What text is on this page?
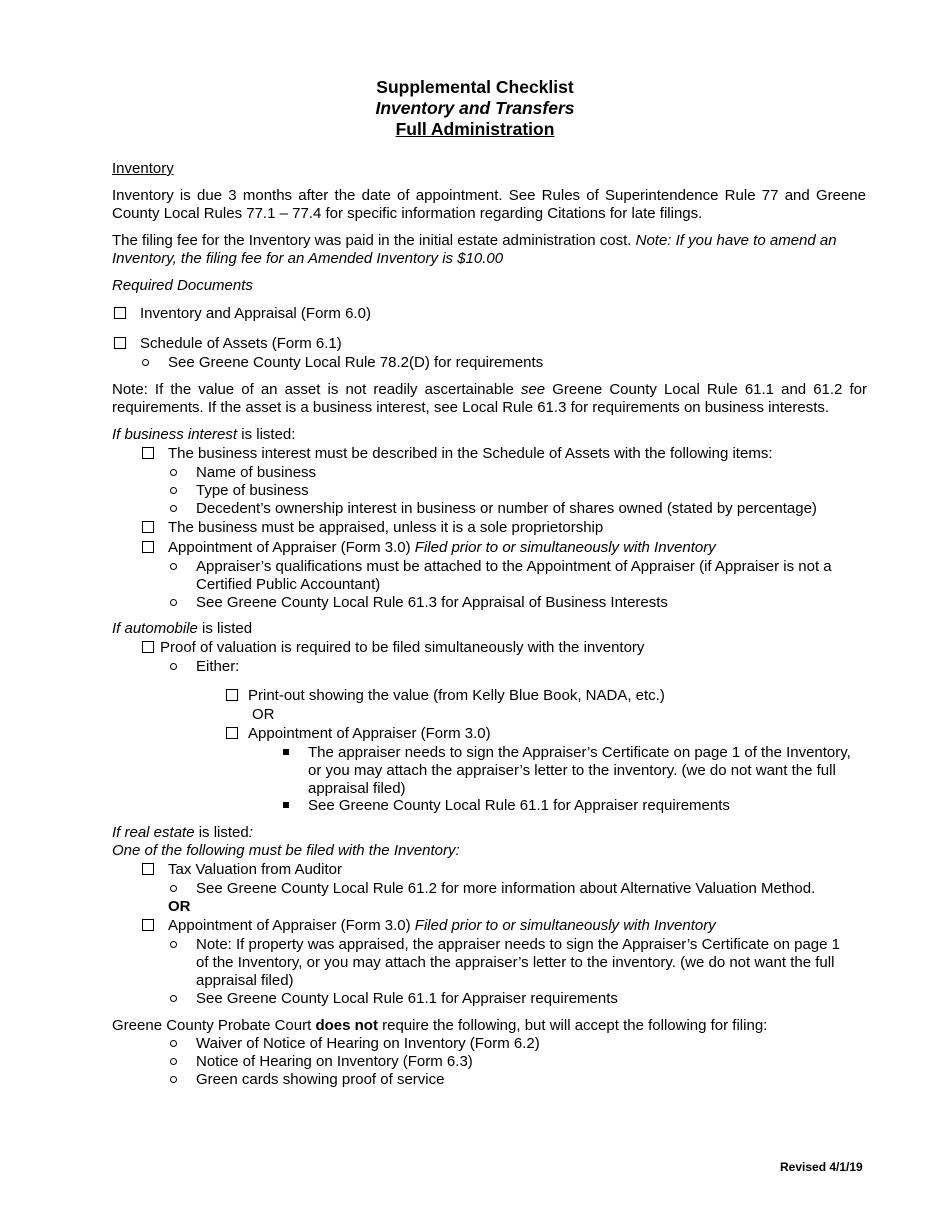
Supplemental Checklist
Inventory and Transfers
Full Administration
Inventory
Inventory is due 3 months after the date of appointment. See Rules of Superintendence Rule 77 and Greene County Local Rules 77.1 – 77.4 for specific information regarding Citations for late filings.
The filing fee for the Inventory was paid in the initial estate administration cost. Note: If you have to amend an
Inventory, the filing fee for an Amended Inventory is $10.00
Required Documents
Inventory and Appraisal (Form 6.0)
Schedule of Assets (Form 6.1)
See Greene County Local Rule 78.2(D) for requirements
Note: If the value of an asset is not readily ascertainable see Greene County Local Rule 61.1 and 61.2 for requirements. If the asset is a business interest, see Local Rule 61.3 for requirements on business interests.
If business interest is listed:
The business interest must be described in the Schedule of Assets with the following items:
Name of business
Type of business
Decedent’s ownership interest in business or number of shares owned (stated by percentage)
The business must be appraised, unless it is a sole proprietorship
Appointment of Appraiser (Form 3.0) Filed prior to or simultaneously with Inventory
Appraiser’s qualifications must be attached to the Appointment of Appraiser (if Appraiser is not a
Certified Public Accountant)
See Greene County Local Rule 61.3 for Appraisal of Business Interests
If automobile is listed
Proof of valuation is required to be filed simultaneously with the inventory
Either:
Print-out showing the value (from Kelly Blue Book, NADA, etc.)
OR
Appointment of Appraiser (Form 3.0)
The appraiser needs to sign the Appraiser’s Certificate on page 1 of the Inventory,
or you may attach the appraiser’s letter to the inventory. (we do not want the full
appraisal filed)
See Greene County Local Rule 61.1 for Appraiser requirements
If real estate is listed:
One of the following must be filed with the Inventory:
Tax Valuation from Auditor
See Greene County Local Rule 61.2 for more information about Alternative Valuation Method.
OR
Appointment of Appraiser (Form 3.0) Filed prior to or simultaneously with Inventory
Note: If property was appraised, the appraiser needs to sign the Appraiser’s Certificate on page 1
of the Inventory, or you may attach the appraiser’s letter to the inventory. (we do not want the full
appraisal filed)
See Greene County Local Rule 61.1 for Appraiser requirements
Greene County Probate Court does not require the following, but will accept the following for filing:
Waiver of Notice of Hearing on Inventory (Form 6.2)
Notice of Hearing on Inventory (Form 6.3)
Green cards showing proof of service
Revised 4/1/19
